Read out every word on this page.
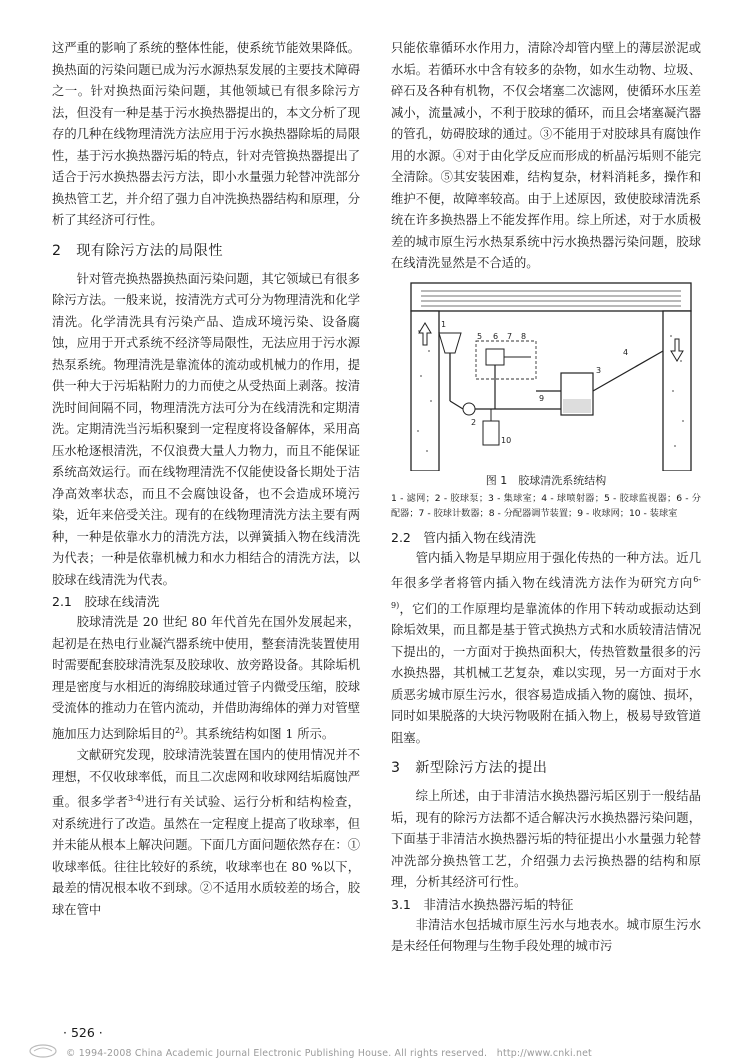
这严重的影响了系统的整体性能，使系统节能效果降低。换热面的污染问题已成为污水源热泵发展的主要技术障碍之一。针对换热面污染问题，其他领域已有很多除污方法，但没有一种是基于污水换热器提出的，本文分析了现存的几种在线物理清洗方法应用于污水换热器除垢的局限性，基于污水换热器污垢的特点，针对壳管换热器提出了适合于污水换热器去污方法，即小水量强力轮替冲洗部分换热管工艺，并介绍了强力自冲洗换热器结构和原理，分析了其经济可行性。

2　现有除污方法的局限性

针对管壳换热器换热面污染问题，其它领域已有很多除污方法。一般来说，按清洗方式可分为物理清洗和化学清洗。化学清洗具有污染产品、造成环境污染、设备腐蚀，应用于开式系统不经济等局限性，无法应用于污水源热泵系统。物理清洗是靠流体的流动或机械力的作用，提供一种大于污垢粘附力的力而使之从受热面上剥落。按清洗时间间隔不同，物理清洗方法可分为在线清洗和定期清洗。定期清洗当污垢积聚到一定程度将设备解体，采用高压水枪逐根清洗，不仅浪费大量人力物力，而且不能保证系统高效运行。而在线物理清洗不仅能使设备长期处于洁净高效率状态，而且不会腐蚀设备，也不会造成环境污染，近年来倍受关注。现有的在线物理清洗方法主要有两种，一种是依靠水力的清洗方法，以弹簧插入物在线清洗为代表；一种是依靠机械力和水力相结合的清洗方法，以胶球在线清洗为代表。

2.1　胶球在线清洗

胶球清洗是 20 世纪 80 年代首先在国外发展起来，起初是在热电行业凝汽器系统中使用，整套清洗装置使用时需要配套胶球清洗泵及胶球收、放旁路设备。其除垢机理是密度与水相近的海绵胶球通过管子内微受压缩，胶球受流体的推动力在管内流动，并借助海绵体的弹力对管壁施加压力达到除垢目的$^{2)}$。其系统结构如图 1 所示。

文献研究发现，胶球清洗装置在国内的使用情况并不理想，不仅收球率低，而且二次虑网和收球网结垢腐蚀严重。很多学者$^{3-4)}$进行有关试验、运行分析和结构检查，对系统进行了改造。虽然在一定程度上提高了收球率，但并未能从根本上解决问题。下面几方面问题依然存在：①收球率低。往往比较好的系统，收球率也在 80 %以下，最差的情况根本收不到球。②不适用水质较差的场合，胶球在管中

只能依靠循环水作用力，清除冷却管内壁上的薄层淤泥或水垢。若循环水中含有较多的杂物，如水生动物、垃圾、碎石及各种有机物，不仅会堵塞二次滤网，使循环水压差减小，流量减小，不利于胶球的循环，而且会堵塞凝汽器的管孔，妨碍胶球的通过。③不能用于对胶球具有腐蚀作用的水源。④对于由化学反应而形成的析晶污垢则不能完全清除。⑤其安装困难，结构复杂，材料消耗多，操作和维护不便，故障率较高。由于上述原因，致使胶球清洗系统在许多换热器上不能发挥作用。综上所述，对于水质极差的城市原生污水热泵系统中污水换热器污染问题，胶球在线清洗显然是不合适的。

1
2
3
4
5 6 7 8
9
10
图 1　胶球清洗系统结构
1 - 滤网；2 - 胶球泵；3 - 集球室；4 - 球喷射器；5 - 胶球监视器；6 - 分配器；7 - 胶球计数器；8 - 分配器调节装置；9 - 收球网；10 - 装球室
2.2　管内插入物在线清洗

管内插入物是早期应用于强化传热的一种方法。近几年很多学者将管内插入物在线清洗方法作为研究方向$^{6-9)}$，它们的工作原理均是靠流体的作用下转动或振动达到除垢效果，而且都是基于管式换热方式和水质较清洁情况下提出的，一方面对于换热面积大，传热管数量很多的污水换热器，其机械工艺复杂，难以实现，另一方面对于水质恶劣城市原生污水，很容易造成插入物的腐蚀、损坏，同时如果脱落的大块污物吸附在插入物上，极易导致管道阻塞。

3　新型除污方法的提出

综上所述，由于非清洁水换热器污垢区别于一般结晶垢，现有的除污方法都不适合解决污水换热器污染问题，下面基于非清洁水换热器污垢的特征提出小水量强力轮替冲洗部分换热管工艺，介绍强力去污换热器的结构和原理，分析其经济可行性。

3.1　非清洁水换热器污垢的特征

非清洁水包括城市原生污水与地表水。城市原生污水是未经任何物理与生物手段处理的城市污

· 526 ·
© 1994-2008 China Academic Journal Electronic Publishing House. All rights reserved.　http://www.cnki.net
